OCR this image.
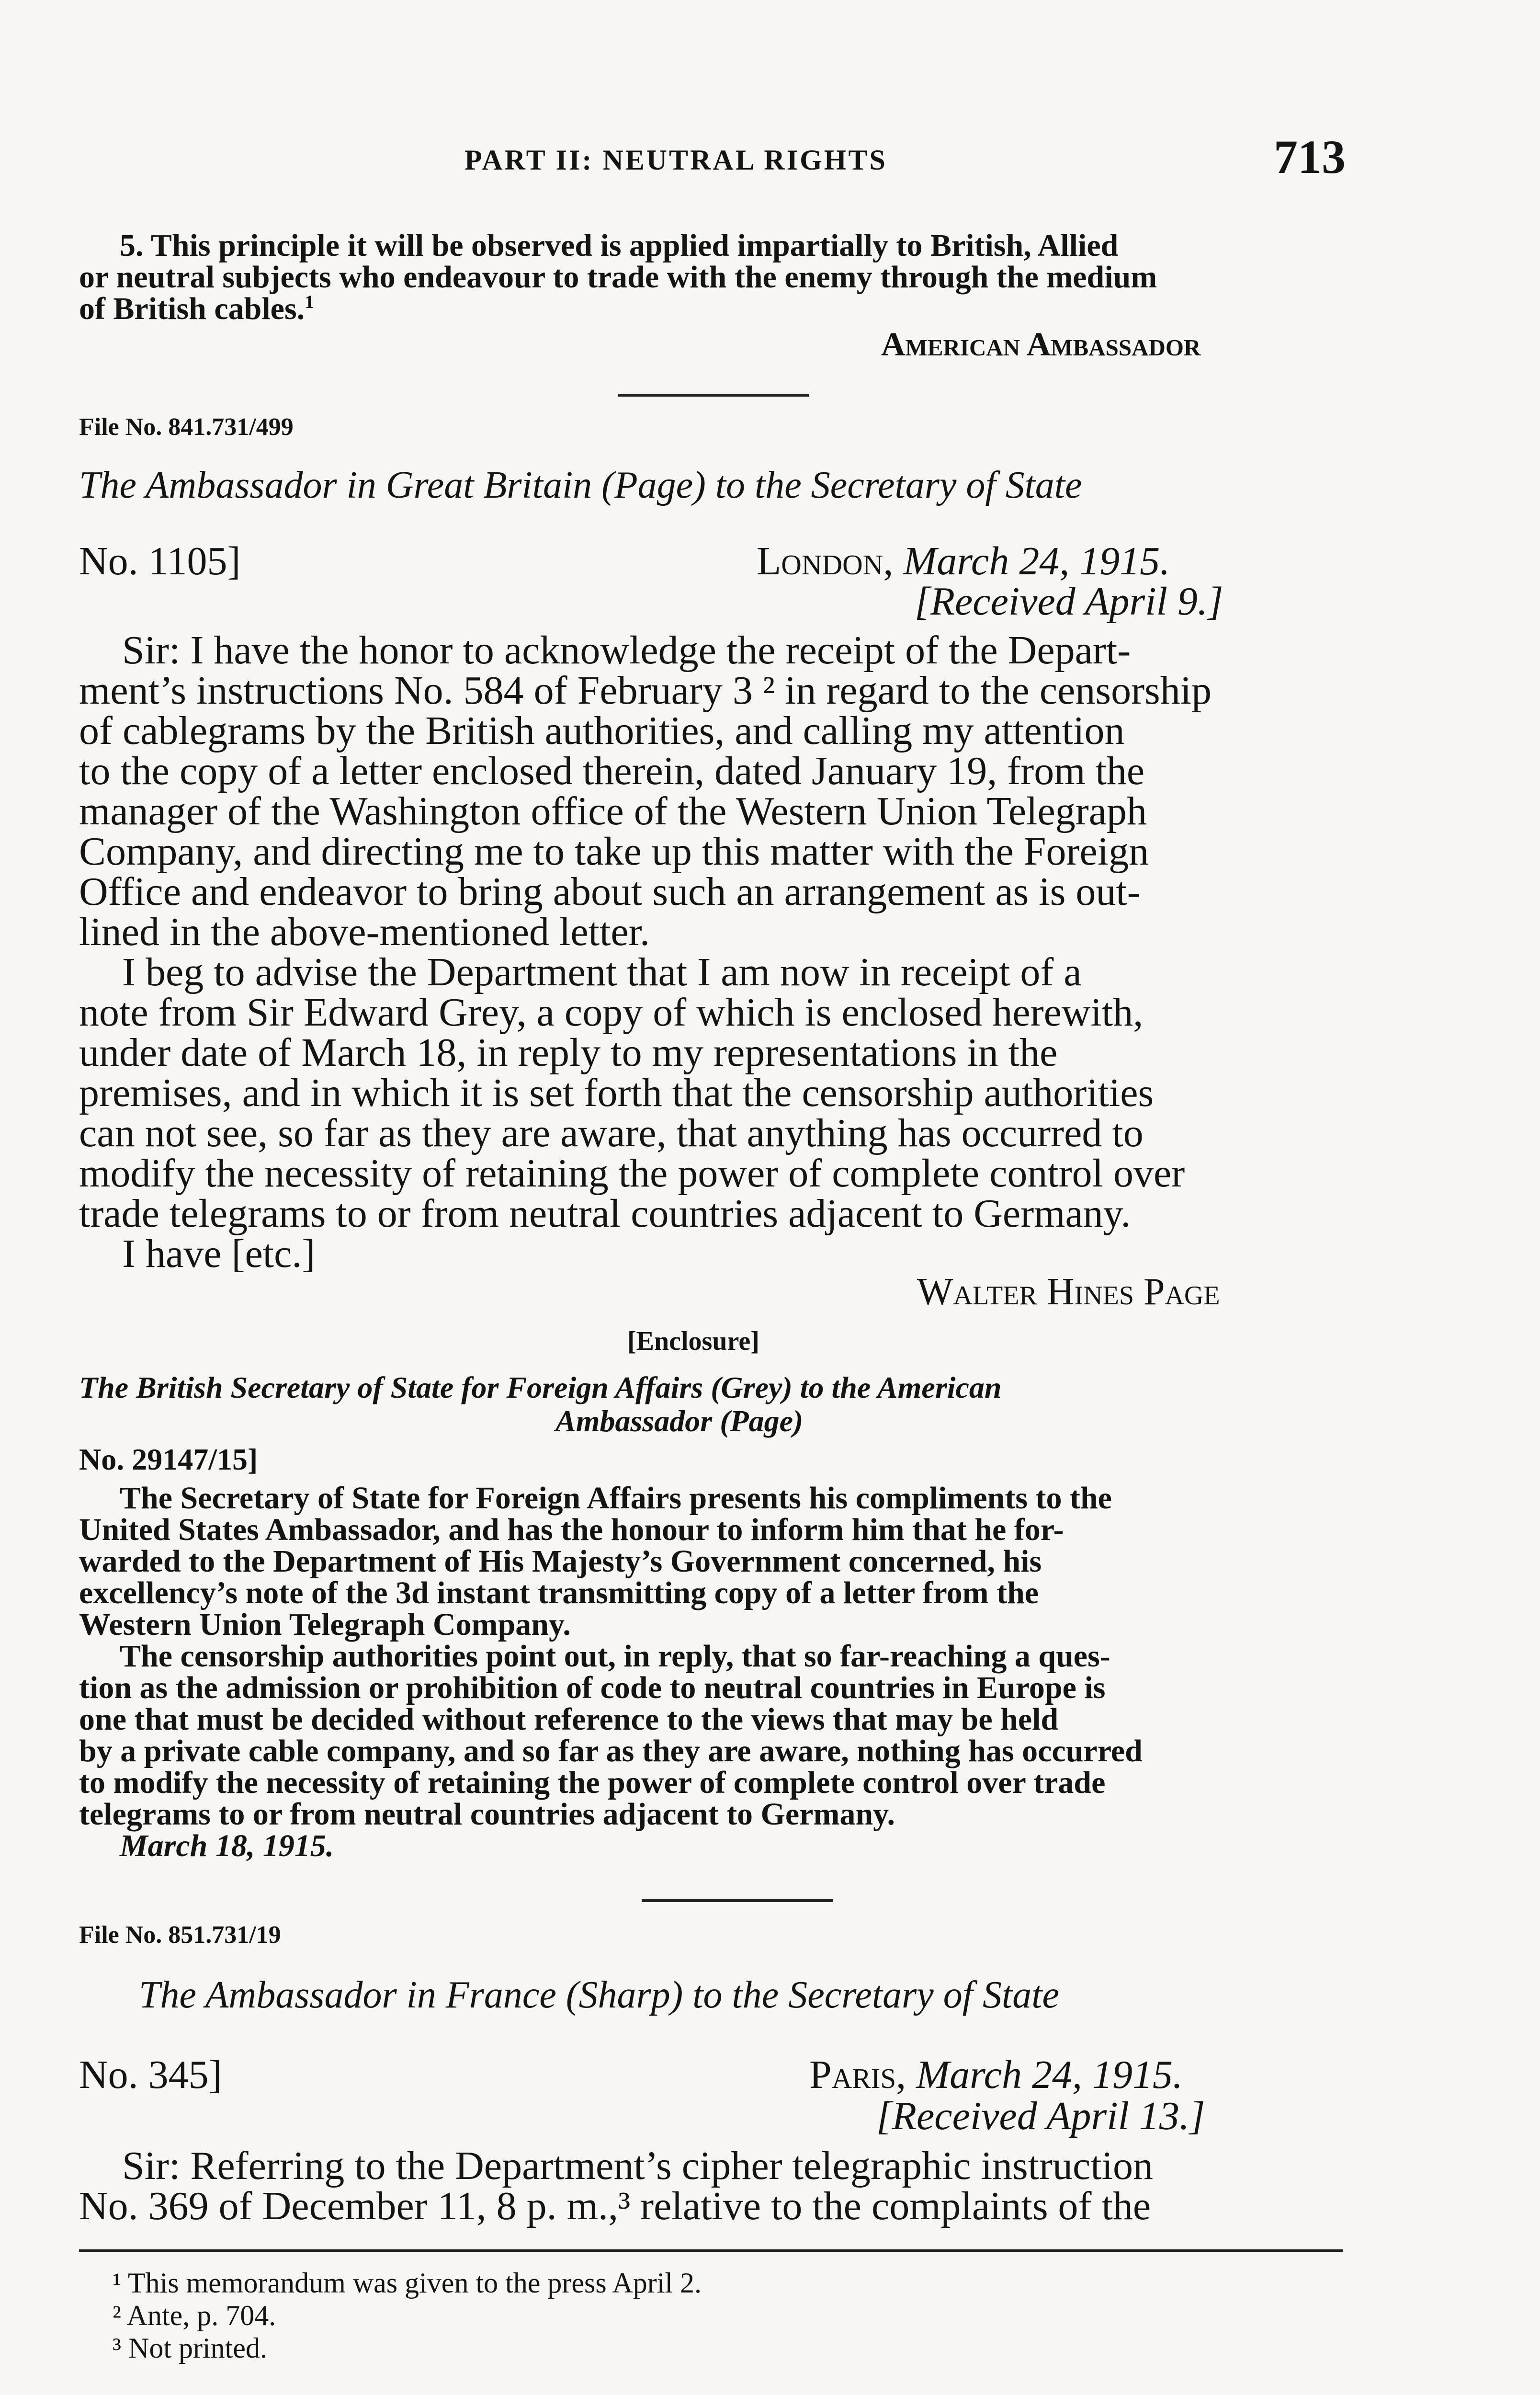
PART II: NEUTRAL RIGHTS	713
5. This principle it will be observed is applied impartially to British, Allied
or neutral subjects who endeavour to trade with the enemy through the medium
of British cables.$^1$
American Ambassador
File No. 841.731/499
The Ambassador in Great Britain (Page) to the Secretary of State
No. 1105]	London, March 24, 1915.
[Received April 9.]
Sir: I have the honor to acknowledge the receipt of the Depart-
ment’s instructions No. 584 of February 3 ² in regard to the censorship
of cablegrams by the British authorities, and calling my attention
to the copy of a letter enclosed therein, dated January 19, from the
manager of the Washington office of the Western Union Telegraph
Company, and directing me to take up this matter with the Foreign
Office and endeavor to bring about such an arrangement as is out-
lined in the above-mentioned letter.
I beg to advise the Department that I am now in receipt of a
note from Sir Edward Grey, a copy of which is enclosed herewith,
under date of March 18, in reply to my representations in the
premises, and in which it is set forth that the censorship authorities
can not see, so far as they are aware, that anything has occurred to
modify the necessity of retaining the power of complete control over
trade telegrams to or from neutral countries adjacent to Germany.
I have [etc.]
Walter Hines Page
[Enclosure]
The British Secretary of State for Foreign Affairs (Grey) to the American
Ambassador (Page)
No. 29147/15]
The Secretary of State for Foreign Affairs presents his compliments to the
United States Ambassador, and has the honour to inform him that he for-
warded to the Department of His Majesty’s Government concerned, his
excellency’s note of the 3d instant transmitting copy of a letter from the
Western Union Telegraph Company.
The censorship authorities point out, in reply, that so far-reaching a ques-
tion as the admission or prohibition of code to neutral countries in Europe is
one that must be decided without reference to the views that may be held
by a private cable company, and so far as they are aware, nothing has occurred
to modify the necessity of retaining the power of complete control over trade
telegrams to or from neutral countries adjacent to Germany.
March 18, 1915.
File No. 851.731/19
The Ambassador in France (Sharp) to the Secretary of State
No. 345]	Paris, March 24, 1915.
[Received April 13.]
Sir: Referring to the Department’s cipher telegraphic instruction
No. 369 of December 11, 8 p. m.,³ relative to the complaints of the
¹ This memorandum was given to the press April 2.
² Ante, p. 704.
³ Not printed.
